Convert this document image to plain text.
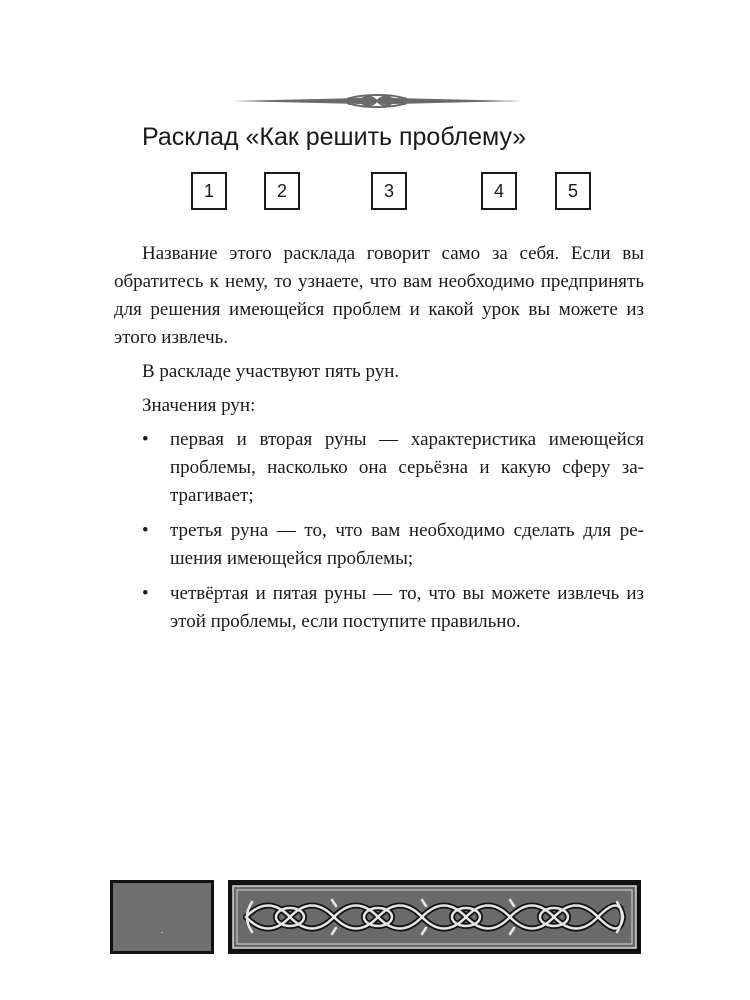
Расклад «Как решить проблему»
1	2	3	4	5

Название этого расклада говорит само за себя. Если вы обратитесь к нему, то узнаете, что вам необходимо предпринять для решения имеющейся проблем и какой урок вы можете из этого извлечь.

В раскладе участвуют пять рун.

Значения рун:

• первая и вторая руны — характеристика имеющейся проблемы, насколько она серьёзна и какую сферу затрагивает;
• третья руна — то, что вам необходимо сделать для решения имеющейся проблемы;
• четвёртая и пятая руны — то, что вы можете извлечь из этой проблемы, если поступите правильно.
.
